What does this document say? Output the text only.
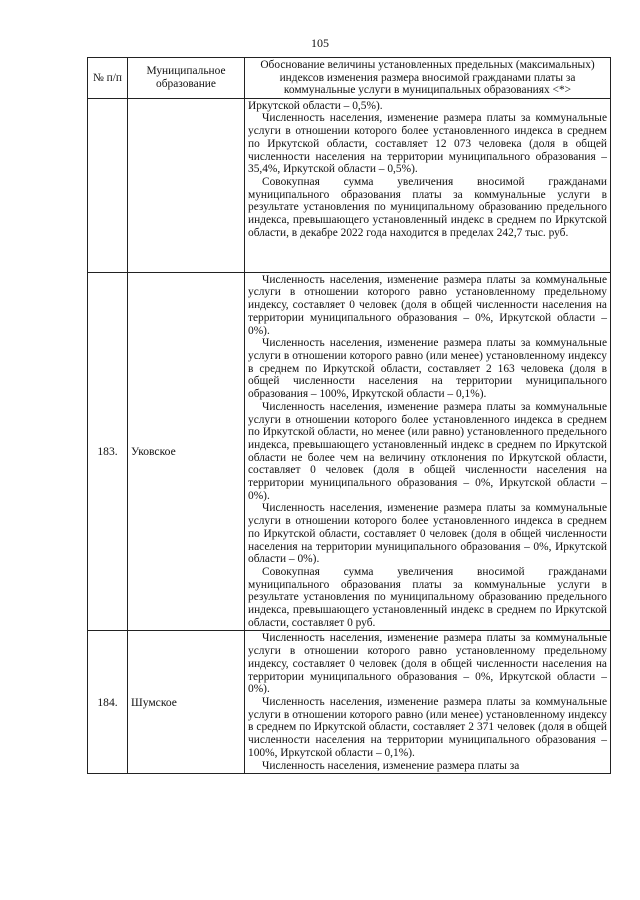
105
№ п/п	Муниципальное образование	Обоснование величины установленных предельных (максимальных) индексов изменения размера вносимой гражданами платы за коммунальные услуги в муниципальных образованиях <*>

		Иркутской области – 0,5%).

Численность населения, изменение размера платы за коммунальные услуги в отношении которого более установленного индекса в среднем по Иркутской области, составляет 12 073 человека (доля в общей численности населения на территории муниципального образования – 35,4%, Иркутской области – 0,5%).

Совокупная сумма увеличения вносимой гражданами муниципального образования платы за коммунальные услуги в результате установления по муниципальному образованию предельного индекса, превышающего установленный индекс в среднем по Иркутской области, в декабре 2022 года находится в пределах 242,7 тыс. руб.

183.	Уковское	Численность населения, изменение размера платы за коммунальные услуги в отношении которого равно установленному предельному индексу, составляет 0 человек (доля в общей численности населения на территории муниципального образования – 0%, Иркутской области – 0%).

Численность населения, изменение размера платы за коммунальные услуги в отношении которого равно (или менее) установленному индексу в среднем по Иркутской области, составляет 2 163 человека (доля в общей численности населения на территории муниципального образования – 100%, Иркутской области – 0,1%).

Численность населения, изменение размера платы за коммунальные услуги в отношении которого более установленного индекса в среднем по Иркутской области, но менее (или равно) установленного предельного индекса, превышающего установленный индекс в среднем по Иркутской области не более чем на величину отклонения по Иркутской области, составляет 0 человек (доля в общей численности населения на территории муниципального образования – 0%, Иркутской области – 0%).

Численность населения, изменение размера платы за коммунальные услуги в отношении которого более установленного индекса в среднем по Иркутской области, составляет 0 человек (доля в общей численности населения на территории муниципального образования – 0%, Иркутской области – 0%).

Совокупная сумма увеличения вносимой гражданами муниципального образования платы за коммунальные услуги в результате установления по муниципальному образованию предельного индекса, превышающего установленный индекс в среднем по Иркутской области, составляет 0 руб.

184.	Шумское	Численность населения, изменение размера платы за коммунальные услуги в отношении которого равно установленному предельному индексу, составляет 0 человек (доля в общей численности населения на территории муниципального образования – 0%, Иркутской области – 0%).

Численность населения, изменение размера платы за коммунальные услуги в отношении которого равно (или менее) установленному индексу в среднем по Иркутской области, составляет 2 371 человек (доля в общей численности населения на территории муниципального образования – 100%, Иркутской области – 0,1%).

Численность населения, изменение размера платы за
